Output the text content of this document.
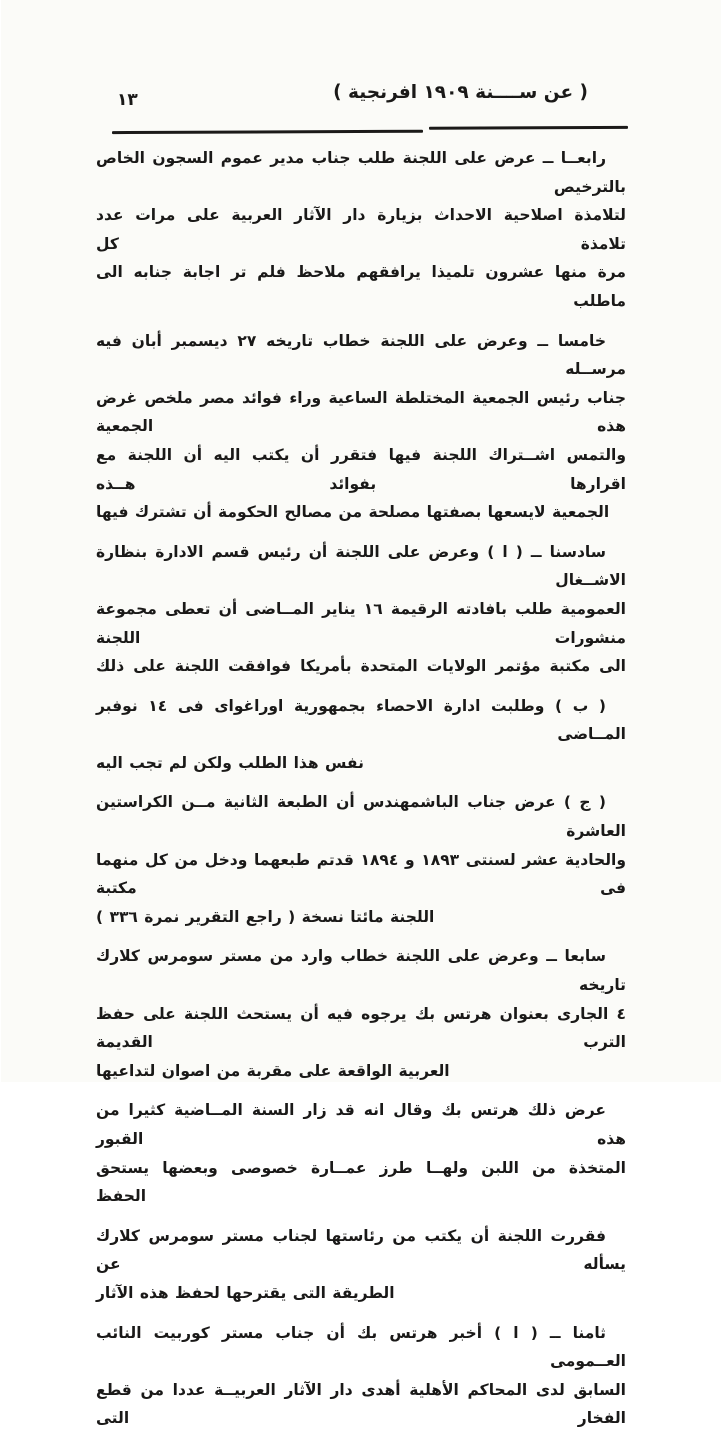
١٣	( عن ســــنة ١٩٠٩ افرنجية )
رابعــا ــ عرض على اللجنة طلب جناب مدير عموم السجون الخاص بالترخيص
لتلامذة اصلاحية الاحداث بزيارة دار الآثار العربية على مرات عدد تلامذة كل
مرة منها عشرون تلميذا يرافقهم ملاحظ فلم تر اجابة جنابه الى ماطلب
خامسا ــ وعرض على اللجنة خطاب تاريخه ٢٧ ديسمبر أبان فيه مرســله
جناب رئيس الجمعية المختلطة الساعية وراء فوائد مصر ملخص غرض هذه الجمعية
والتمس اشــتراك اللجنة فيها فتقرر أن يكتب اليه أن اللجنة مع اقرارها بفوائد هــذه
الجمعية لايسعها بصفتها مصلحة من مصالح الحكومة أن تشترك فيها
سادسنا ــ ( ا ) وعرض على اللجنة أن رئيس قسم الادارة بنظارة الاشــغال
العمومية طلب بافادته الرقيمة ١٦ يناير المــاضى أن تعطى مجموعة منشورات اللجنة
الى مكتبة مؤتمر الولايات المتحدة بأمريكا فوافقت اللجنة على ذلك
( ب ) وطلبت ادارة الاحصاء بجمهورية اوراغواى فى ١٤ نوفبر المــاضى
نفس هذا الطلب ولكن لم تجب اليه
( ج ) عرض جناب الباشمهندس أن الطبعة الثانية مــن الكراستين العاشرة
والحادية عشر لسنتى ١٨٩٣ و ١٨٩٤ قدتم طبعهما ودخل من كل منهما فى مكتبة
اللجنة مائتا نسخة ( راجع التقرير نمرة ٣٣٦ )
سابعا ــ وعرض على اللجنة خطاب وارد من مستر سومرس كلارك تاريخه
٤ الجارى بعنوان هرتس بك يرجوه فيه أن يستحث اللجنة على حفظ الترب القديمة
العربية الواقعة على مقربة من اصوان لتداعيها
عرض ذلك هرتس بك وقال انه قد زار السنة المــاضية كثيرا من هذه القبور
المتخذة من اللبن ولهــا طرز عمــارة خصوصى وبعضها يستحق الحفظ
فقررت اللجنة أن يكتب من رئاستها لجناب مستر سومرس كلارك يسأله عن
الطريقة التى يقترحها لحفظ هذه الآثار
ثامنا ــ ( ا ) أخبر هرتس بك أن جناب مستر كوربيت النائب العــمومى
السابق لدى المحاكم الأهلية أهدى دار الآثار العربيــة عددا من قطع الفخار التى
